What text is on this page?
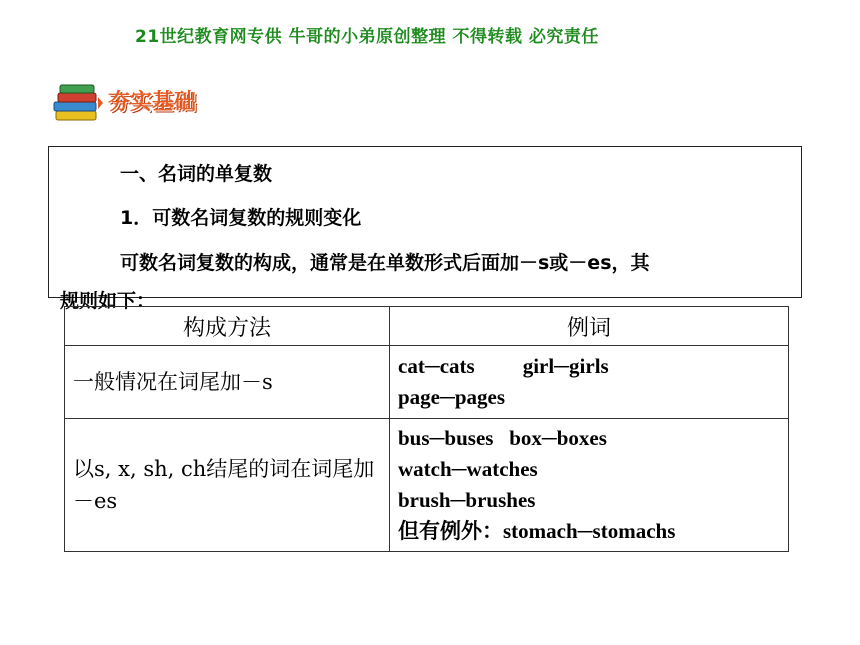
21世纪教育网专供 牛哥的小弟原创整理 不得转载 必究责任
夯实基础
一、名词的单复数
1．可数名词复数的规则变化
可数名词复数的构成，通常是在单数形式后面加－s或－es，其
规则如下：
构成方法	例词
一般情况在词尾加－s	cat─cats girl─girls
page─pages

以s, x, sh, ch结尾的词在词尾加－es	bus─buses box─boxes
watch─watches
brush─brushes
但有例外：stomach─stomachs
